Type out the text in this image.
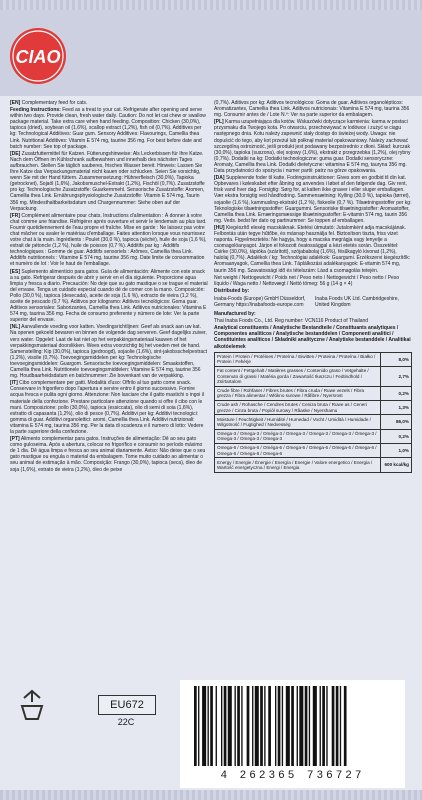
CIAO

[EN] Complementary feed for cats.

Feeding Instructions: Feed as a treat to your cat. Refrigerate after opening and serve within two days. Provide clean, fresh water daily. Caution: Do not let cat chew or swallow package material. Take extra care when hand feeding. Composition: Chicken (30,0%), tapioca (dried), soybean oil (1,6%), scallop extract (1,2%), fish oil (0,7%). Additives per kg: Technological Additives: Guar gum. Sensory Additives: Flavourings, Camellia thea Link. Nutritional Additives: Vitamin E 574 mg, taurine 356 mg. For best before date and batch number: See top of package.

[DE] Zusatzfuttermittel für Katzen. Fütterungshinweise: Als Leckerbissen für Ihre Katze. Nach dem Öffnen im Kühlschrank aufbewahren und innerhalb des nächsten Tages aufbrauchen. Stellen Sie täglich sauberes, frisches Wasser bereit. Hinweis: Lassen Sie Ihre Katze das Verpackungsmaterial nicht kauen oder schlucken. Seien Sie vorsichtig, wenn Sie mit der Hand füttern. Zusammensetzung: Hühnerfleisch (30,0%), Tapioka (getrocknet), Sojaöl (1,6%), Jakobsmuschel-Extrakt (1,2%), Fischöl (0,7%). Zusatzstoffe pro kg: Technologische Zusatzstoffe: Guarkernmehl. Sensorische Zusatzstoffe: Aromen, Camellia thea Link. Ernährungsphysiologische Zusatzstoffe: Vitamin E 574 mg, Taurin 356 mg. Mindesthaltbarkeitsdatum und Chargennummer: Siehe oben auf der Verpackung.

[FR] Complément alimentaire pour chats. Instructions d'alimentation : À donner à votre chat comme une friandise. Réfrigérer après ouverture et servir le lendemain au plus tard. Fournir quotidiennement de l'eau propre et fraîche. Mise en garde : Ne laissez pas votre chat mâcher ou avaler le matériau d'emballage. Faites attention lorsque vous nourrissez votre chat à la main. Ingrédients : Poulet (30,0 %), tapioca (séché), huile de soja (1,6 %), extrait de pétoncle (1,2 %), huile de poisson (0,7 %). Additifs par kg : Additifs technologiques : Gomme de guar. Additifs sensoriels : Arômes, Camellia thea Link. Additifs nutritionnels : Vitamine E 574 mg, taurine 356 mg. Date limite de consommation et numéro de lot : Voir le haut de l'emballage.

[ES] Suplemento alimenticio para gatos. Guía de alimentación: Alimente con este snack a su gato. Refrigerar después de abrir y servir en el día siguiente. Proporcione agua limpia y fresca a diario. Precaución: No deje que su gato mastique o se trague el material del envase. Tenga un cuidado especial cuando dé de comer con la mano. Composición: Pollo (30,0 %), tapioca (desecada), aceite de soja (1,6 %), extracto de vieira (1,2 %), aceite de pescado (0,7 %). Aditivos por kilogramo: Aditivos tecnológicos: Goma guar. Aditivos sensoriales: Saborizantes, Camellia thea Link. Aditivos nutricionales: Vitamina E 574 mg, taurina 356 mg. Fecha de consumo preferente y número de lote: Ver la parte superior del envase.

[NL] Aanvullende voeding voor katten. Voedingsrichtlijnen: Geef als snack aan uw kat. Na openen gekoeld bewaren en binnen de volgende dag serveren. Geef dagelijks zuiver, vers water. Opgelet: Laat de kat niet op het verpakkingsmateriaal kauwen of het verpakkingsmateriaal doorslikken. Wees extra voorzichtig bij het voeden met de hand. Samenstelling: Kip (30,0%), tapioca (gedroogd), sojaolie (1,6%), sint-jakobsschelpextract (1,2%), visolie (0,7%). Toevoegingsmiddelen per kg: Technologische toevoegingsmiddelen: Guargom. Sensorische toevoegingsmiddelen: Smaakstoffen, Camellia thea Link. Nutritionele toevoegingsmiddelen: Vitamine E 574 mg, taurine 356 mg. Houdbaarheidsdatum en batchnummer: Zie bovenkant van de verpakking.

[IT] Cibo complementare per gatti. Modalità d'uso: Offrilo al tuo gatto come snack. Conservare in frigorifero dopo l'apertura e servire entro il giorno successivo. Fornire acqua fresca e pulita ogni giorno. Attenzione: Non lasciare che il gatto mastichi o ingoi il materiale della confezione. Prestare particolare attenzione quando si offre il cibo con le mani. Composizione: pollo (30,0%), tapioca (essiccata), olio di semi di soia (1,6%), estratto di capasanta (1,2%), olio di pesce (0,7%). Additivi per kg: Additivi tecnologici: gomma di guar. Additivi organolettici: aromi, Camellia thea Link. Additivi nutrizionali: vitamina E 574 mg, taurina 356 mg. Per la data di scadenza e il numero di lotto: Vedere la parte superiore della confezione.

[PT] Alimento complementar para gatos. Instruções de alimentação: Dê ao seu gato como guloseima. Após a abertura, colocar no frigorífico e consumir no período máximo de 1 dia. Dê água limpa e fresca ao seu animal diariamente. Aviso: Não deixe que o seu gato mastigue ou engula o material da embalagem. Tome muito cuidado ao alimentar o seu animal de estimação à mão. Composição: Frango (30,0%), tapioca (seca), óleo de soja (1,6%), extrato de vieira (1,2%), óleo de peixe

(0,7%). Aditivos por kg: Aditivos tecnológicos: Goma de guar. Aditivos organolépticos: Aromatizantes, Camellia thea Link. Aditivos nutricionais: Vitamina E 574 mg, taurina 356 mg. Consumir antes de / Lote N.º: Ver na parte superior da embalagem.

[PL] Karma uzupełniająca dla kotów. Wskazówki dotyczące karmienia: karma w postaci przysmaku dla Twojego kota. Po otwarciu, przechowywać w lodówce i zużyć w ciągu następnego dnia. Kotu należy zapewnić stały dostęp do świeżej wody. Uwaga: nie dopuścić do tego, aby kot przeżuł lub połknął materiał opakowaniowy. Należy zachować szczególną ostrożność, jeśli produkt jest podawany bezpośrednio z dłoni. Skład: kurczak (30,0%), tapioka (suszona), olej sojowy (1,6%), ekstrakt z przegrzebka (1,2%), olej rybny (0,7%). Dodatki na kg: Dodatki technologiczne: guma guar. Dodatki sensoryczne: Aromaty, Camellia thea Link. Dodatki dietetyczne: witamina E 574 mg, tauryna 356 mg. Data przydatności do spożycia i numer partii: patrz na górze opakowania.

[DA] Supplerende foder til katte. Fodringsinstruktioner: Gives som en godbid til din kat. Opbevares i køleskabet efter åbning og anvendes i løbet af den følgende dag. Giv rent, frisk vand hver dag. Forsigtig: Sørg for, at katten ikke gnaver i eller sluger emballagen. Vær ekstra forsigtig ved håndfodring. Sammensætning: Kylling (30,0 %), tapioka (tørret), sojaolie (1,6 %), kammusling-ekstrakt (1,2 %), fiskeolie (0,7 %). Tilsætningsstoffer per kg: Teknologiske tilsætningsstoffer: Guargummi. Sensoriske tilsætningsstoffer: Aromastoffer, Camellia thea Link. Ernæringsmæssige tilsætningsstoffer: E-vitamin 574 mg, taurin 356 mg. Veds. bedst før dato og partinummer: Se toppen af emballagen.

[HU] Kiegészítő eleség macskáknak. Etetési útmutató: Jutalomként adja macskájának. Felbontás után tegye hűtőbe, és másnap használja fel. Biztosítson tiszta, friss vizet naponta. Figyelmeztetés: Ne hagyja, hogy a macska megrágja vagy lenyelje a csomagolóanyagot. Járjon el fokozott óvatossággal a kézi etetés során. Összetétel: Csirke (30,0%), tápióka (szárított), szójababolaj (1,6%), fésűkagyló kivonat (1,2%), halolaj (0,7%). Adalékok / kg: Technológiai adalékok: Guargumi. Érzékszervi kiegészítők: Aromaanyagok, Camellia thea Link. Táplálkozási adalékanyagok: E-vitamin 574 mg, taurin 356 mg. Szavatossági idő és tételszám: Lásd a csomagolás tetején.

Net weight / Nettogewicht / Poids net / Peso neto / Nettogewicht / Peso netto / Peso líquido / Waga netto / Nettovægt / Nettó tömeg: 56 g (14 g × 4)

Distributed by:

Inaba-Foods (Europe) GmbH Düsseldorf, Germany https://inabafoods-europe.com
Inaba Foods UK Ltd. Cambridgeshire, United Kingdom

Manufactured by:

Thai Inaba Foods Co., Ltd. Reg number: VCN116 Product of Thailand

Analytical constituents / Analytische Bestandteile / Constituants analytiques / Componentes analíticos / Analytische bestanddelen / Componenti analitici / Constituintes analíticos / Składniki analityczne / Analytiske bestanddele / Analitikai alkotóelemek

Protein / Protein / Protéines / Proteína / Eiwitten / Proteina / Proteína / Białko / Protein / Fehérje	8,0%
Fat content / Fettgehalt / Matières grasses / Contenido graso / Vetgehalte / Contenuto di grassi / Matéria gorda / Zawartość tłuszczu / Fedtindhold / Zsírtartalom	2,7%
Crude fibre / Rohfaser / Fibres brutes / Fibra cruda / Ruwe vezels / Fibra grezza / Fibra alimentar / Włókno surowe / Råfibre / Nyersrost	0,2%
Crude ash / Rohasche / Cendres brutes / Ceniza bruta / Ruwe as / Ceneri grezze / Cinza bruta / Popiół surowy / Råaske / Nyershamu	1,3%
Moisture / Feuchtigkeit / Humidité / Humedad / Vocht / Umidità / Humidade / Wilgotność / Fugtighed / Nedvesség	86,0%
Omega-3 / Omega-3 / Oméga-3 / Omega-3 / Omega-3 / Omega-3 / Ómega-3 / Omega-3 / Omega-3 / Omega-3	0,2%
Omega-6 / Omega-6 / Oméga-6 / Omega-6 / Omega-6 / Omega-6 / Ómega-6 / Omega-6 / Omega-6 / Omega-6	1,0%
Energy / Energie / Énergie / Energía / Energie / Valore energetico / Energia / Wartość energetyczna / Energi / Energia	600 kcal/kg
EU672
22C
4 262365 736727
